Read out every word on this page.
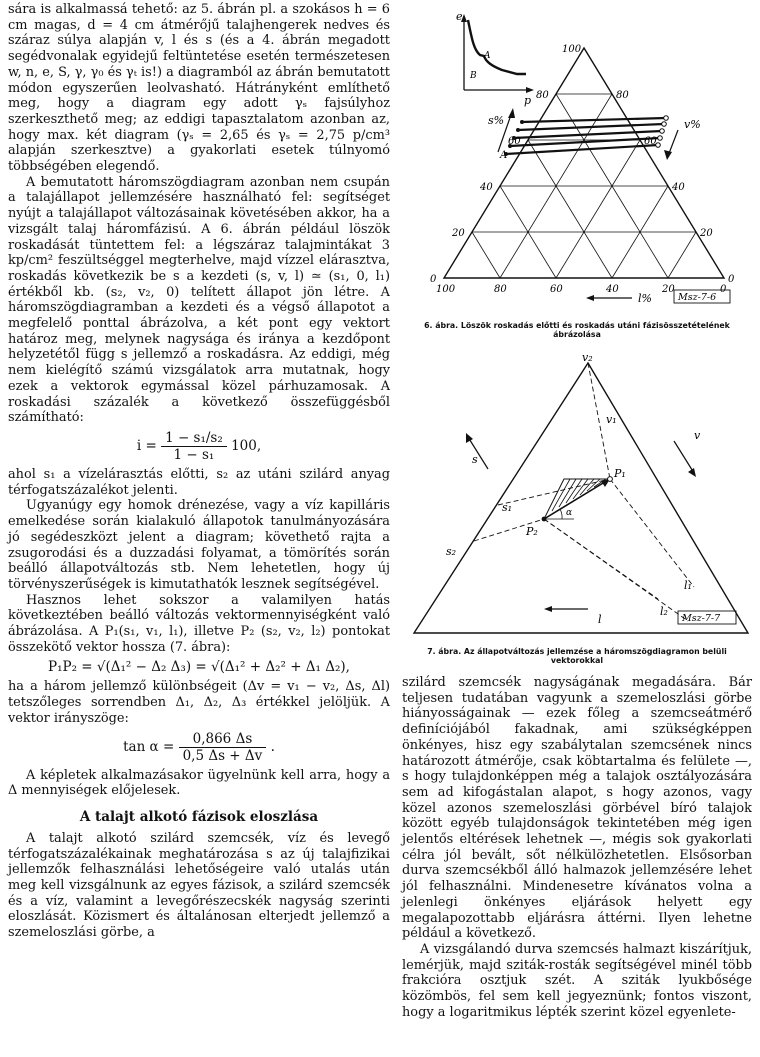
sára is alkalmassá tehető: az 5. ábrán pl. a szokásos h = 6 cm magas, d = 4 cm átmérőjű talajhengerek nedves és száraz súlya alapján v, l és s (és a 4. ábrán megadott segédvonalak egyidejű feltüntetése esetén természetesen w, n, e, S, γ, γ₀ és γₜ is!) a diagramból az ábrán bemutatott módon egyszerűen leolvasható. Hátrányként említhető meg, hogy a diagram egy adott γₛ fajsúlyhoz szerkeszthető meg; az eddigi tapasztalatom azonban az, hogy max. két diagram (γₛ = 2,65 és γₛ = 2,75 p/cm³ alapján szerkesztve) a gyakorlati esetek túlnyomó többségében elegendő.

A bemutatott háromszögdiagram azonban nem csupán a talajállapot jellemzésére használható fel: segítséget nyújt a talajállapot változásainak követésében akkor, ha a vizsgált talaj háromfázisú. A 6. ábrán például löszök roskadását tüntettem fel: a légszáraz talajmintákat 3 kp/cm² feszültséggel megterhelve, majd vízzel elárasztva, roskadás következik be s a kezdeti (s, v, l) ≃ (s₁, 0, l₁) értékből kb. (s₂, v₂, 0) telített állapot jön létre. A háromszögdiagramban a kezdeti és a végső állapotot a megfelelő ponttal ábrázolva, a két pont egy vektort határoz meg, melynek nagysága és iránya a kezdőpont helyzetétől függ s jellemző a roskadásra. Az eddigi, még nem kielégítő számú vizsgálatok arra mutatnak, hogy ezek a vektorok egymással közel párhuzamosak. A roskadási százalék a következő összefüggésből számítható:

$i = \frac{\text{1 − s₁/s₂}}{\text{1 − s₁}} 100$,

ahol s₁ a vízelárasztás előtti, s₂ az utáni szilárd anyag térfogatszázalékot jelenti.

Ugyanúgy egy homok drénezése, vagy a víz kapilláris emelkedése során kialakuló állapotok tanulmányozására jó segédeszközt jelent a diagram; követhető rajta a zsugorodási és a duzzadási folyamat, a tömörítés során beálló állapotváltozás stb. Nem lehetetlen, hogy új törvényszerűségek is kimutathatók lesznek segítségével.

Hasznos lehet sokszor a valamilyen hatás következtében beálló változás vektormennyiségként való ábrázolása. A P₁(s₁, v₁, l₁), illetve P₂ (s₂, v₂, l₂) pontokat összekötő vektor hossza (7. ábra):

P₁P₂ = √(Δ₁² − Δ₂ Δ₃) = √(Δ₁² + Δ₂² + Δ₁ Δ₂),

ha a három jellemző különbségeit (Δv = v₁ − v₂, Δs, Δl) tetszőleges sorrendben Δ₁, Δ₂, Δ₃ értékkel jelöljük. A vektor irányszöge:

$\tan \alpha = \frac{0,866 \Delta s}{0,5 \Delta s + \Delta v}$ .

A képletek alkalmazásakor ügyelnünk kell arra, hogy a Δ mennyiségek előjelesek.

A talajt alkotó fázisok eloszlása

A talajt alkotó szilárd szemcsék, víz és levegő térfogatszázalékainak meghatározása s az új talajfizikai jellemzők felhasználási lehetőségeire való utalás után meg kell vizsgálnunk az egyes fázisok, a szilárd szemcsék és a víz, valamint a levegőrészecskék nagyság szerinti eloszlását. Közismert és általánosan elterjedt jellemző a szemeloszlási görbe, a

e
p
A
B
100
A
80
60
40
20
0
80
60
40
20
0
100	80	60	40	20	0
s%	v%
l%	Msz-7-6
6. ábra. Löszök roskadás előtti és roskadás utáni fázisösszetételének ábrázolása
v₂
v₁
s
v
s₁
s₂
P₁
P₂
α
l₁
l₂
l	Msz-7-7
7. ábra. Az állapotváltozás jellemzése a háromszögdiagramon belüli vektorokkal

szilárd szemcsék nagyságának megadására. Bár teljesen tudatában vagyunk a szemeloszlási görbe hiányosságainak — ezek főleg a szemcseátmérő definíciójából fakadnak, ami szükségképpen önkényes, hisz egy szabálytalan szemcsének nincs határozott átmérője, csak köbtartalma és felülete —, s hogy tulajdonképpen még a talajok osztályozására sem ad kifogástalan alapot, s hogy azonos, vagy közel azonos szemeloszlási görbével bíró talajok között egyéb tulajdonságok tekintetében még igen jelentős eltérések lehetnek —, mégis sok gyakorlati célra jól bevált, sőt nélkülözhetetlen. Elsősorban durva szemcsékből álló halmazok jellemzésére lehet jól felhasználni. Mindenesetre kívánatos volna a jelenlegi önkényes eljárások helyett egy megalapozottabb eljárásra áttérni. Ilyen lehetne például a következő.

A vizsgálandó durva szemcsés halmazt kiszárítjuk, lemérjük, majd sziták-rosták segítségével minél több frakcióra osztjuk szét. A sziták lyukbősége közömbös, fel sem kell jegyeznünk; fontos viszont, hogy a logaritmikus lépték szerint közel egyenlete-
